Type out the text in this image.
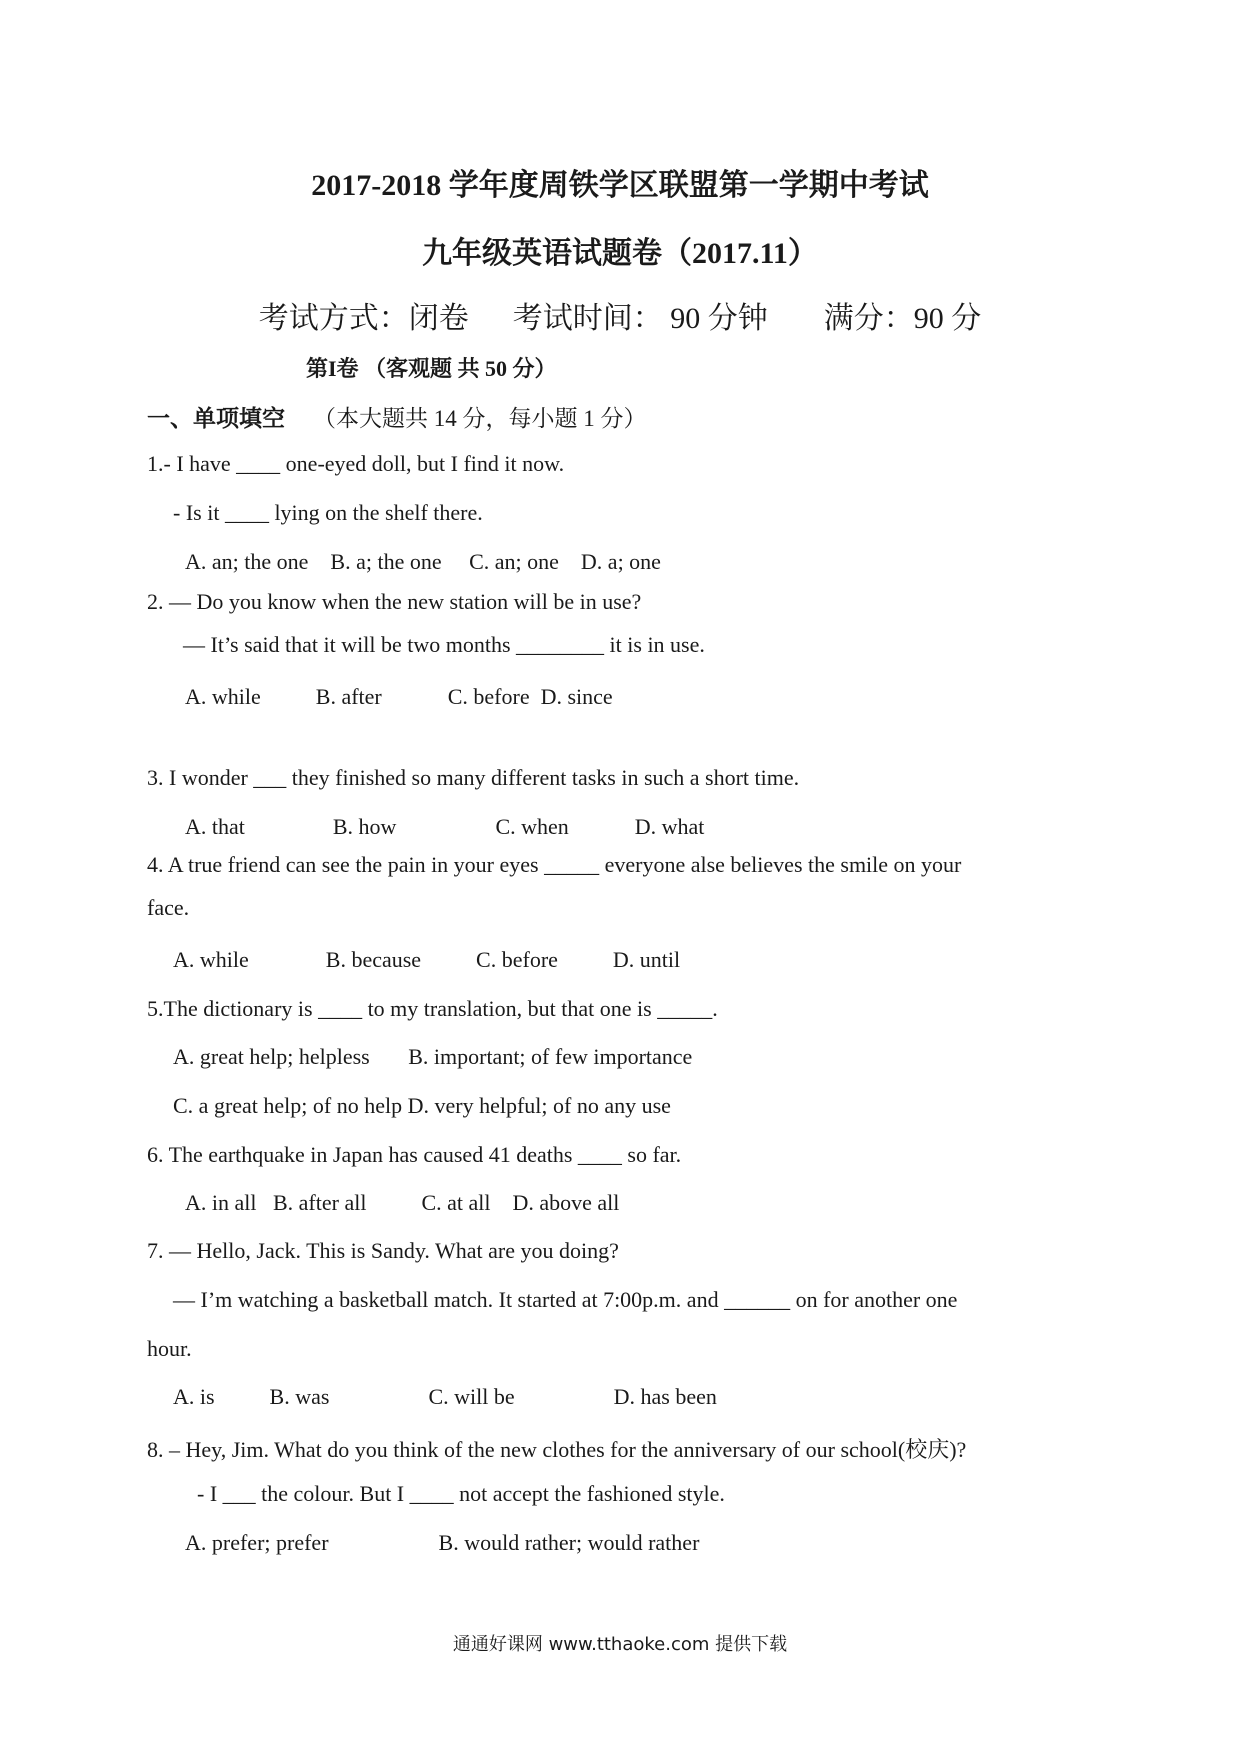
2017-2018 学年度周铁学区联盟第一学期中考试
九年级英语试题卷（2017.11）
考试方式：闭卷 考试时间： 90 分钟 满分：90 分
第I卷 （客观题 共 50 分）
一、单项填空 （本大题共 14 分，每小题 1 分）
1.- I have ____ one-eyed doll, but I find it now.
- Is it ____ lying on the shelf there.
A. an; the one    B. a; the one     C. an; one    D. a; one
2. — Do you know when the new station will be in use?
— It’s said that it will be two months ________ it is in use.
A. while          B. after            C. before  D. since
3. I wonder ___ they finished so many different tasks in such a short time.
A. that                B. how                  C. when            D. what
4. A true friend can see the pain in your eyes _____ everyone alse believes the smile on your
face.
A. while              B. because          C. before          D. until
5.The dictionary is ____ to my translation, but that one is _____.
A. great help; helpless       B. important; of few importance
C. a great help; of no help D. very helpful; of no any use
6. The earthquake in Japan has caused 41 deaths ____ so far.
A. in all   B. after all          C. at all    D. above all
7. — Hello, Jack. This is Sandy. What are you doing?
— I’m watching a basketball match. It started at 7:00p.m. and ______ on for another one
hour.
A. is          B. was                  C. will be                  D. has been
8. – Hey, Jim. What do you think of the new clothes for the anniversary of our school(校庆)?
- I ___ the colour. But I ____ not accept the fashioned style.
A. prefer; prefer                    B. would rather; would rather
通通好课网 www.tthaoke.com 提供下载
